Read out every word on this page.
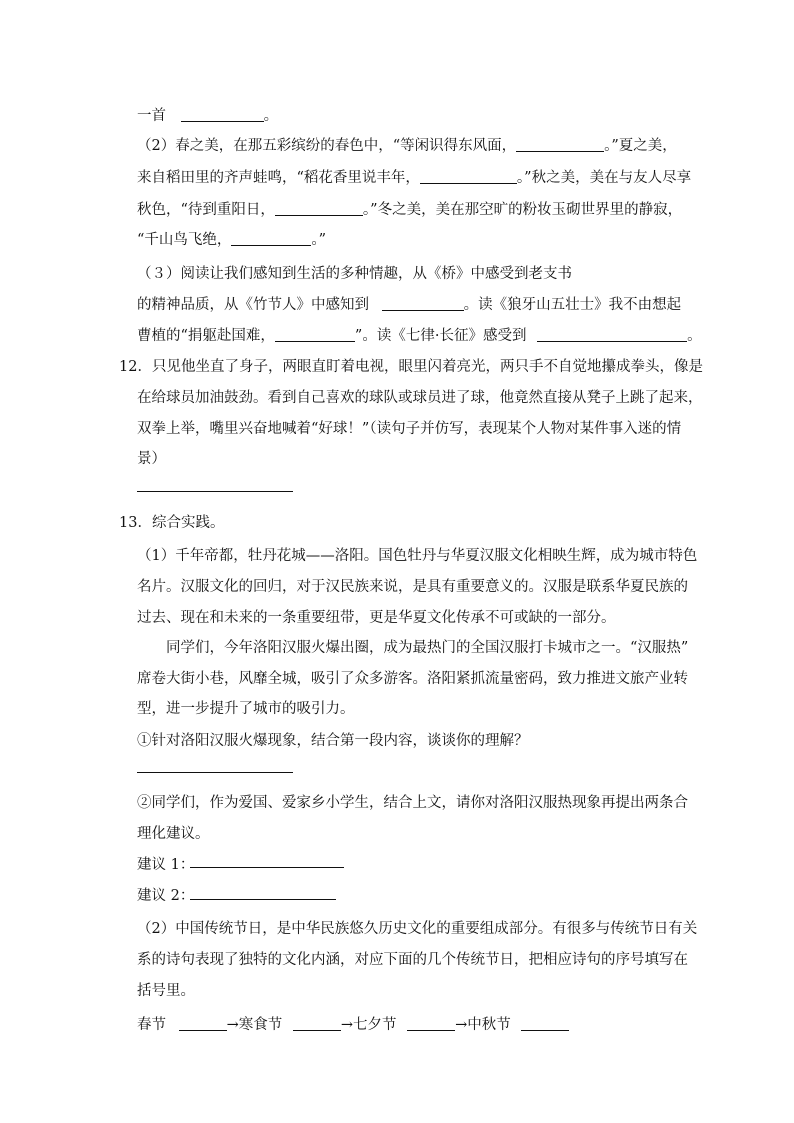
一首	。
（2）春之美，在那五彩缤纷的春色中，“等闲识得东风面，	。”夏之美，
来自稻田里的齐声蛙鸣，“稻花香里说丰年，	。”秋之美，美在与友人尽享
秋色，“待到重阳日，	。”冬之美，美在那空旷的粉妆玉砌世界里的静寂，
“千山鸟飞绝，	。”
（３）阅读让我们感知到生活的多种情趣，从《桥》中感受到老支书
的精神品质，从《竹节人》中感知到	。读《狼牙山五壮士》我不由想起
曹植的“捐躯赴国难，	”。读《七律·长征》感受到	。
12．只见他坐直了身子，两眼直盯着电视，眼里闪着亮光，两只手不自觉地攥成拳头，像是
在给球员加油鼓劲。看到自己喜欢的球队或球员进了球，他竟然直接从凳子上跳了起来，
双拳上举，嘴里兴奋地喊着“好球！”（读句子并仿写，表现某个人物对某件事入迷的情
景）
13．综合实践。
（1）千年帝都，牡丹花城——洛阳。国色牡丹与华夏汉服文化相映生辉，成为城市特色
名片。汉服文化的回归，对于汉民族来说，是具有重要意义的。汉服是联系华夏民族的
过去、现在和未来的一条重要纽带，更是华夏文化传承不可或缺的一部分。
同学们，今年洛阳汉服火爆出圈，成为最热门的全国汉服打卡城市之一。“汉服热”
席卷大街小巷，风靡全城，吸引了众多游客。洛阳紧抓流量密码，致力推进文旅产业转
型，进一步提升了城市的吸引力。
①针对洛阳汉服火爆现象，结合第一段内容，谈谈你的理解？
②同学们，作为爱国、爱家乡小学生，结合上文，请你对洛阳汉服热现象再提出两条合
理化建议。
建议 1：
建议 2：
（2）中国传统节日，是中华民族悠久历史文化的重要组成部分。有很多与传统节日有关
系的诗句表现了独特的文化内涵，对应下面的几个传统节日，把相应诗句的序号填写在
括号里。
春节	→寒食节	→七夕节	→中秋节
